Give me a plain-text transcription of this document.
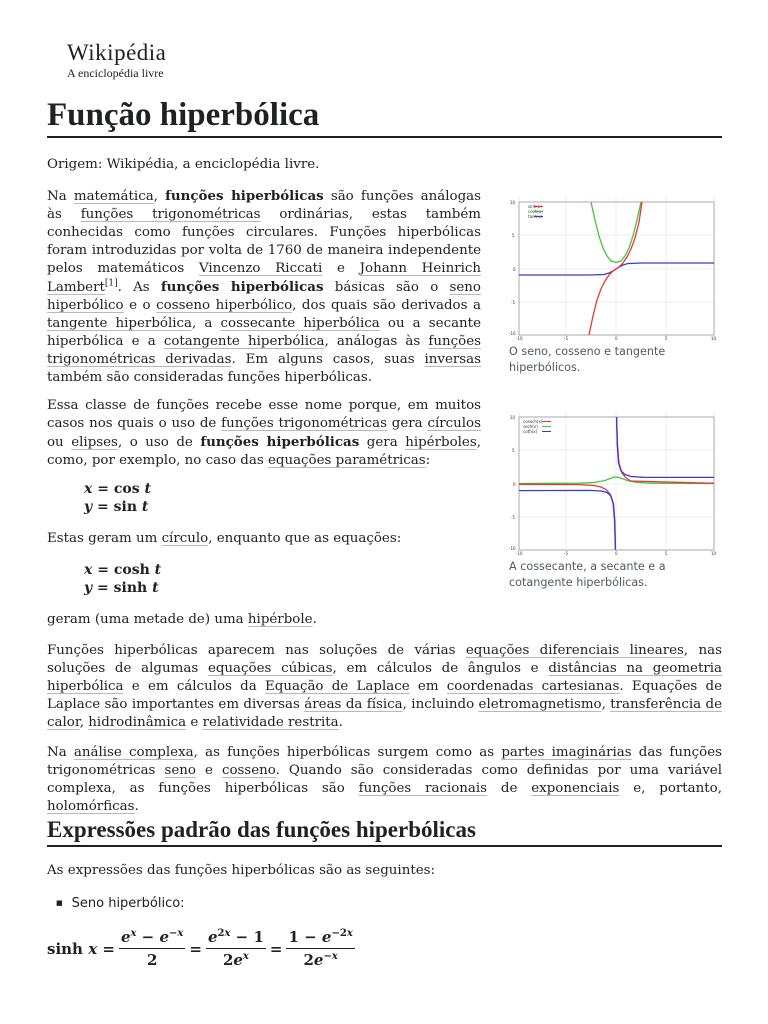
Wikipédia
A enciclopédia livre
Função hiperbólica
Origem: Wikipédia, a enciclopédia livre.
Na matemática, funções hiperbólicas são funções análogas às funções trigonométricas ordinárias, estas também conhecidas como funções circulares. Funções hiperbólicas foram introduzidas por volta de 1760 de maneira independente pelos matemáticos Vincenzo Riccati e Johann Heinrich Lambert[1]. As funções hiperbólicas básicas são o seno hiperbólico e o cosseno hiperbólico, dos quais são derivados a tangente hiperbólica, a cossecante hiperbólica ou a secante hiperbólica e a cotangente hiperbólica, análogas às funções trigonométricas derivadas. Em alguns casos, suas inversas também são consideradas funções hiperbólicas.
Essa classe de funções recebe esse nome porque, em muitos casos nos quais o uso de funções trigonométricas gera círculos ou elipses, o uso de funções hiperbólicas gera hipérboles, como, por exemplo, no caso das equações paramétricas:
x = cos t
y = sin t
Estas geram um círculo, enquanto que as equações:
x = cosh t
y = sinh t
geram (uma metade de) uma hipérbole.
Funções hiperbólicas aparecem nas soluções de várias equações diferenciais lineares, nas soluções de algumas equações cúbicas, em cálculos de ângulos e distâncias na geometria hiperbólica e em cálculos da Equação de Laplace em coordenadas cartesianas. Equações de Laplace são importantes em diversas áreas da física, incluindo eletromagnetismo, transferência de calor, hidrodinâmica e relatividade restrita.
Na análise complexa, as funções hiperbólicas surgem como as partes imaginárias das funções trigonométricas seno e cosseno. Quando são consideradas como definidas por uma variável complexa, as funções hiperbólicas são funções racionais de exponenciais e, portanto, holomórficas.
Expressões padrão das funções hiperbólicas
As expressões das funções hiperbólicas são as seguintes:
■ Seno hiperbólico:
$\sinh x = \frac{e^x - e^{-x}}{2} = \frac{e^{2x} - 1}{2e^x} = \frac{1 - e^{-2x}}{2e^{-x}}$
sinh(x)
cosh(x)
tanh(x)
10
5
0
-5
-10
-10	-5	0	5	10
O seno, cosseno e tangente hiperbólicos.
cosech(x)
sech(x)
coth(x)
10
5
0
-5
-10
-10	-5	0	5	10
A cossecante, a secante e a cotangente hiperbólicas.
